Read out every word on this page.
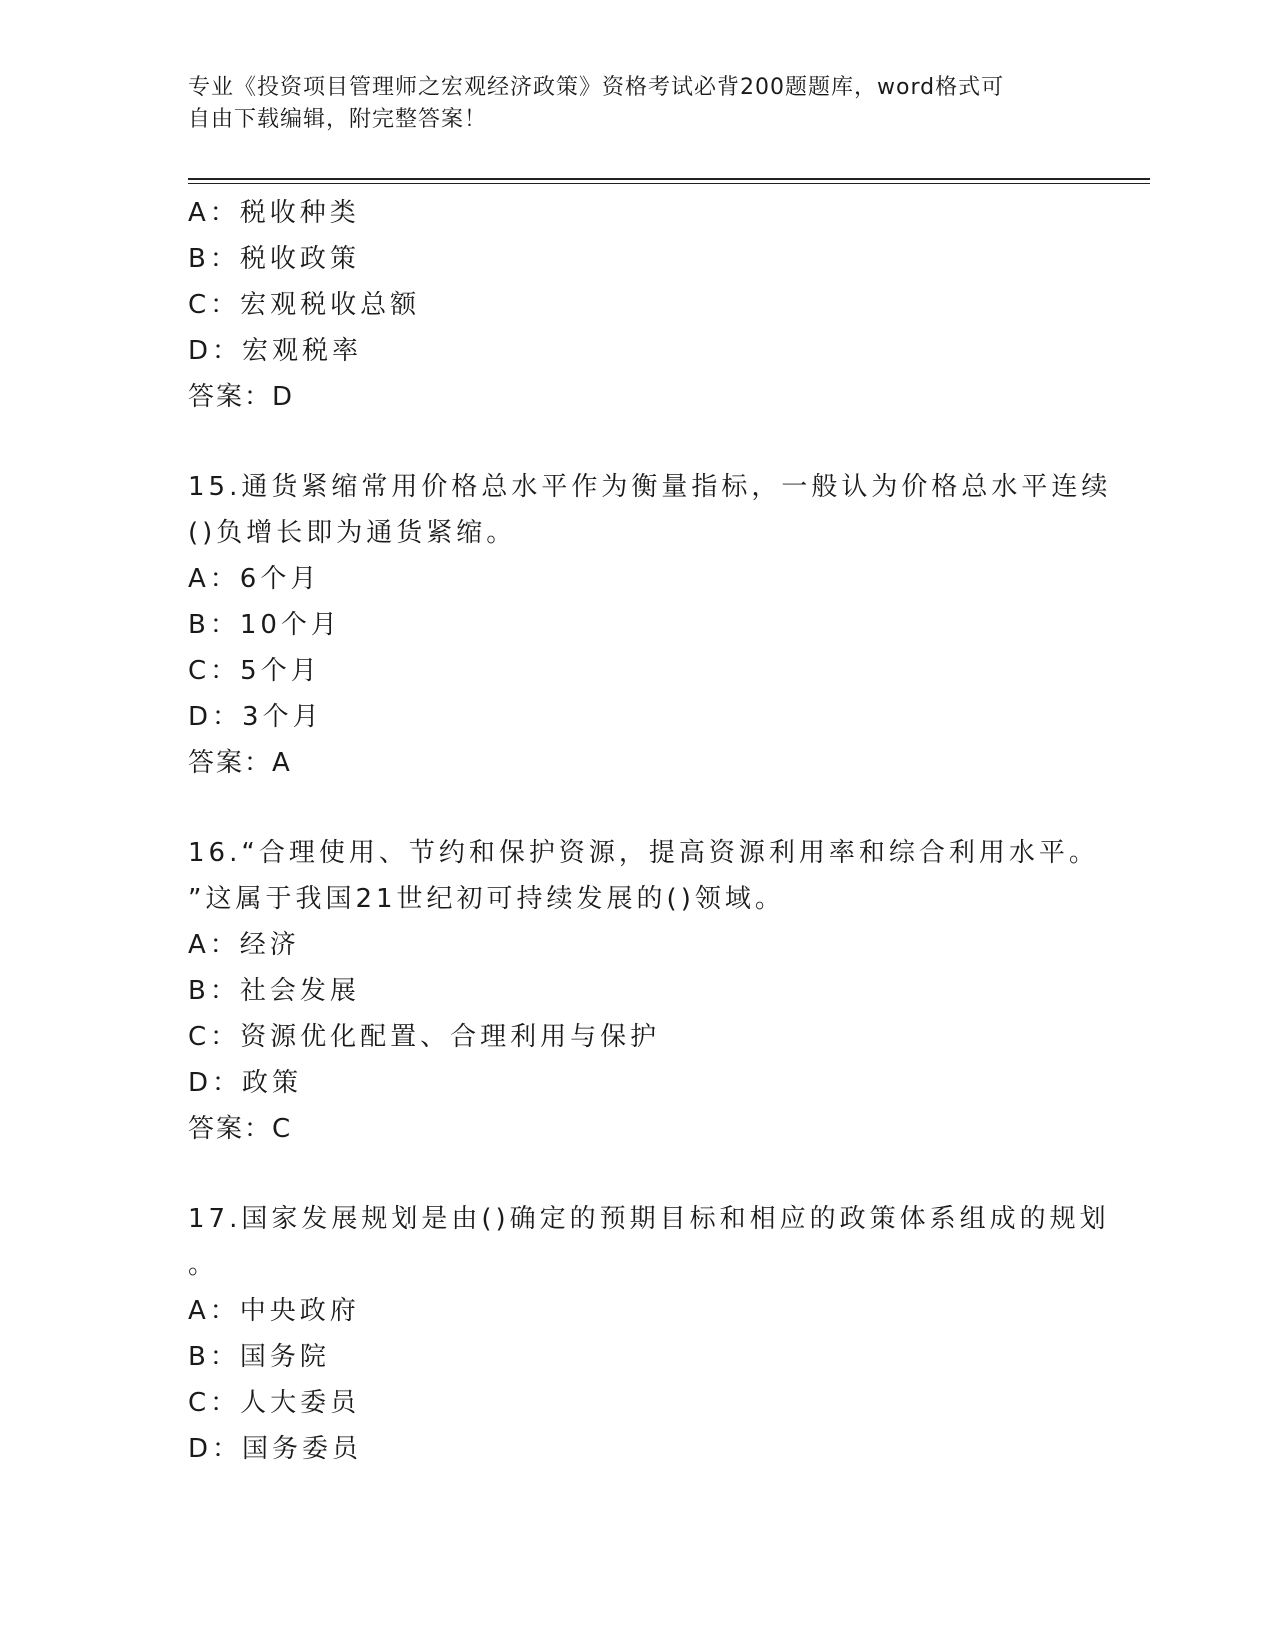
专业《投资项目管理师之宏观经济政策》资格考试必背200题题库，word格式可
自由下载编辑，附完整答案！
A：税收种类
B：税收政策
C：宏观税收总额
D：宏观税率
答案：D
15.通货紧缩常用价格总水平作为衡量指标，一般认为价格总水平连续
()负增长即为通货紧缩。
A：6个月
B：10个月
C：5个月
D：3个月
答案：A
16.“合理使用、节约和保护资源，提高资源利用率和综合利用水平。
”这属于我国21世纪初可持续发展的()领域。
A：经济
B：社会发展
C：资源优化配置、合理利用与保护
D：政策
答案：C
17.国家发展规划是由()确定的预期目标和相应的政策体系组成的规划
。
A：中央政府
B：国务院
C：人大委员
D：国务委员
